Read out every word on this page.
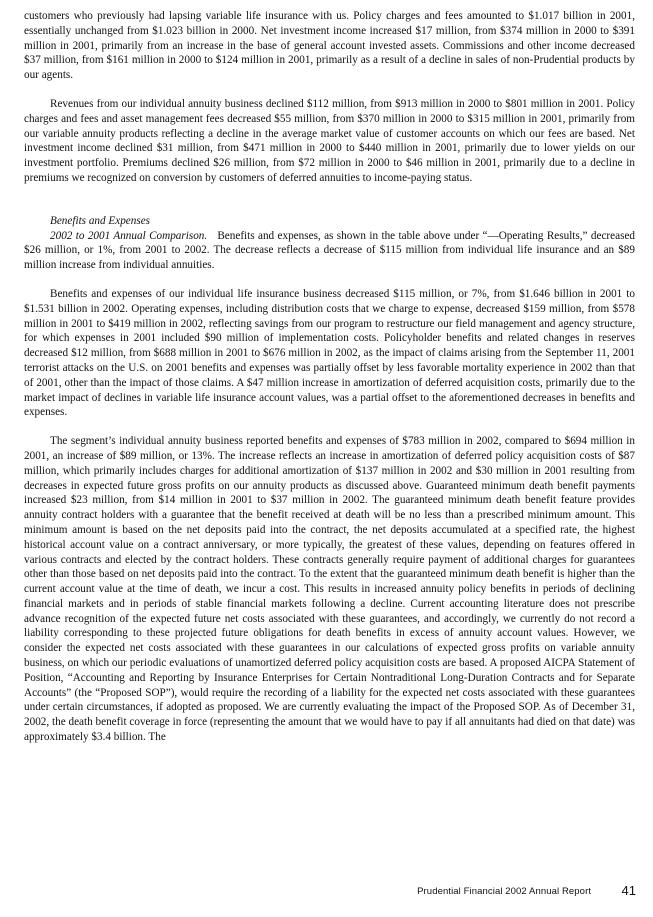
customers who previously had lapsing variable life insurance with us. Policy charges and fees amounted to $1.017 billion in 2001, essentially unchanged from $1.023 billion in 2000. Net investment income increased $17 million, from $374 million in 2000 to $391 million in 2001, primarily from an increase in the base of general account invested assets. Commissions and other income decreased $37 million, from $161 million in 2000 to $124 million in 2001, primarily as a result of a decline in sales of non-Prudential products by our agents.

Revenues from our individual annuity business declined $112 million, from $913 million in 2000 to $801 million in 2001. Policy charges and fees and asset management fees decreased $55 million, from $370 million in 2000 to $315 million in 2001, primarily from our variable annuity products reflecting a decline in the average market value of customer accounts on which our fees are based. Net investment income declined $31 million, from $471 million in 2000 to $440 million in 2001, primarily due to lower yields on our investment portfolio. Premiums declined $26 million, from $72 million in 2000 to $46 million in 2001, primarily due to a decline in premiums we recognized on conversion by customers of deferred annuities to income-paying status.

Benefits and Expenses

2002 to 2001 Annual Comparison. Benefits and expenses, as shown in the table above under “—Operating Results,” decreased $26 million, or 1%, from 2001 to 2002. The decrease reflects a decrease of $115 million from individual life insurance and an $89 million increase from individual annuities.

Benefits and expenses of our individual life insurance business decreased $115 million, or 7%, from $1.646 billion in 2001 to $1.531 billion in 2002. Operating expenses, including distribution costs that we charge to expense, decreased $159 million, from $578 million in 2001 to $419 million in 2002, reflecting savings from our program to restructure our field management and agency structure, for which expenses in 2001 included $90 million of implementation costs. Policyholder benefits and related changes in reserves decreased $12 million, from $688 million in 2001 to $676 million in 2002, as the impact of claims arising from the September 11, 2001 terrorist attacks on the U.S. on 2001 benefits and expenses was partially offset by less favorable mortality experience in 2002 than that of 2001, other than the impact of those claims. A $47 million increase in amortization of deferred acquisition costs, primarily due to the market impact of declines in variable life insurance account values, was a partial offset to the aforementioned decreases in benefits and expenses.

The segment’s individual annuity business reported benefits and expenses of $783 million in 2002, compared to $694 million in 2001, an increase of $89 million, or 13%. The increase reflects an increase in amortization of deferred policy acquisition costs of $87 million, which primarily includes charges for additional amortization of $137 million in 2002 and $30 million in 2001 resulting from decreases in expected future gross profits on our annuity products as discussed above. Guaranteed minimum death benefit payments increased $23 million, from $14 million in 2001 to $37 million in 2002. The guaranteed minimum death benefit feature provides annuity contract holders with a guarantee that the benefit received at death will be no less than a prescribed minimum amount. This minimum amount is based on the net deposits paid into the contract, the net deposits accumulated at a specified rate, the highest historical account value on a contract anniversary, or more typically, the greatest of these values, depending on features offered in various contracts and elected by the contract holders. These contracts generally require payment of additional charges for guarantees other than those based on net deposits paid into the contract. To the extent that the guaranteed minimum death benefit is higher than the current account value at the time of death, we incur a cost. This results in increased annuity policy benefits in periods of declining financial markets and in periods of stable financial markets following a decline. Current accounting literature does not prescribe advance recognition of the expected future net costs associated with these guarantees, and accordingly, we currently do not record a liability corresponding to these projected future obligations for death benefits in excess of annuity account values. However, we consider the expected net costs associated with these guarantees in our calculations of expected gross profits on variable annuity business, on which our periodic evaluations of unamortized deferred policy acquisition costs are based. A proposed AICPA Statement of Position, “Accounting and Reporting by Insurance Enterprises for Certain Nontraditional Long-Duration Contracts and for Separate Accounts” (the “Proposed SOP”), would require the recording of a liability for the expected net costs associated with these guarantees under certain circumstances, if adopted as proposed. We are currently evaluating the impact of the Proposed SOP. As of December 31, 2002, the death benefit coverage in force (representing the amount that we would have to pay if all annuitants had died on that date) was approximately $3.4 billion. The

Prudential Financial 2002 Annual Report 41
